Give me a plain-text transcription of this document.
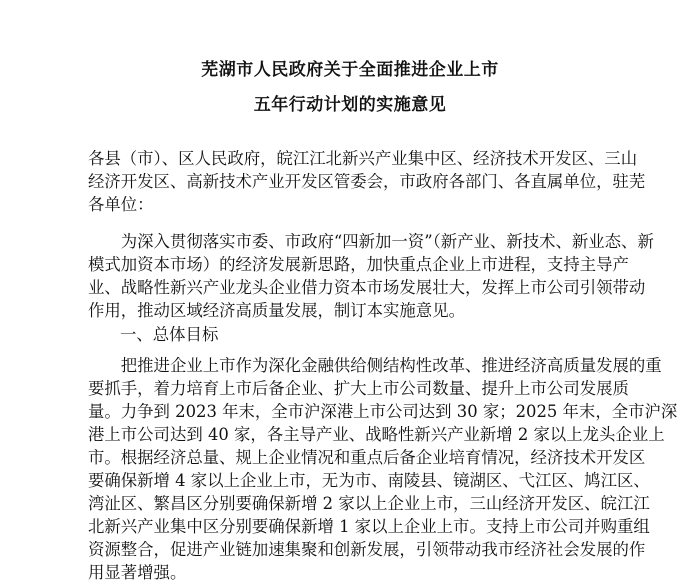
芜湖市人民政府关于全面推进企业上市
五年行动计划的实施意见

各县（市）、区人民政府，皖江江北新兴产业集中区、经济技术开发区、三山
经济开发区、高新技术产业开发区管委会，市政府各部门、各直属单位，驻芜
各单位：

　　为深入贯彻落实市委、市政府“四新加一资”（新产业、新技术、新业态、新
模式加资本市场）的经济发展新思路，加快重点企业上市进程，支持主导产
业、战略性新兴产业龙头企业借力资本市场发展壮大，发挥上市公司引领带动
作用，推动区域经济高质量发展，制订本实施意见。

一、总体目标

　　把推进企业上市作为深化金融供给侧结构性改革、推进经济高质量发展的重
要抓手，着力培育上市后备企业、扩大上市公司数量、提升上市公司发展质
量。力争到 2023 年末，全市沪深港上市公司达到 30 家；2025 年末，全市沪深
港上市公司达到 40 家，各主导产业、战略性新兴产业新增 2 家以上龙头企业上
市。根据经济总量、规上企业情况和重点后备企业培育情况，经济技术开发区
要确保新增 4 家以上企业上市，无为市、南陵县、镜湖区、弋江区、鸠江区、
湾沚区、繁昌区分别要确保新增 2 家以上企业上市，三山经济开发区、皖江江
北新兴产业集中区分别要确保新增 1 家以上企业上市。支持上市公司并购重组
资源整合，促进产业链加速集聚和创新发展，引领带动我市经济社会发展的作
用显著增强。
